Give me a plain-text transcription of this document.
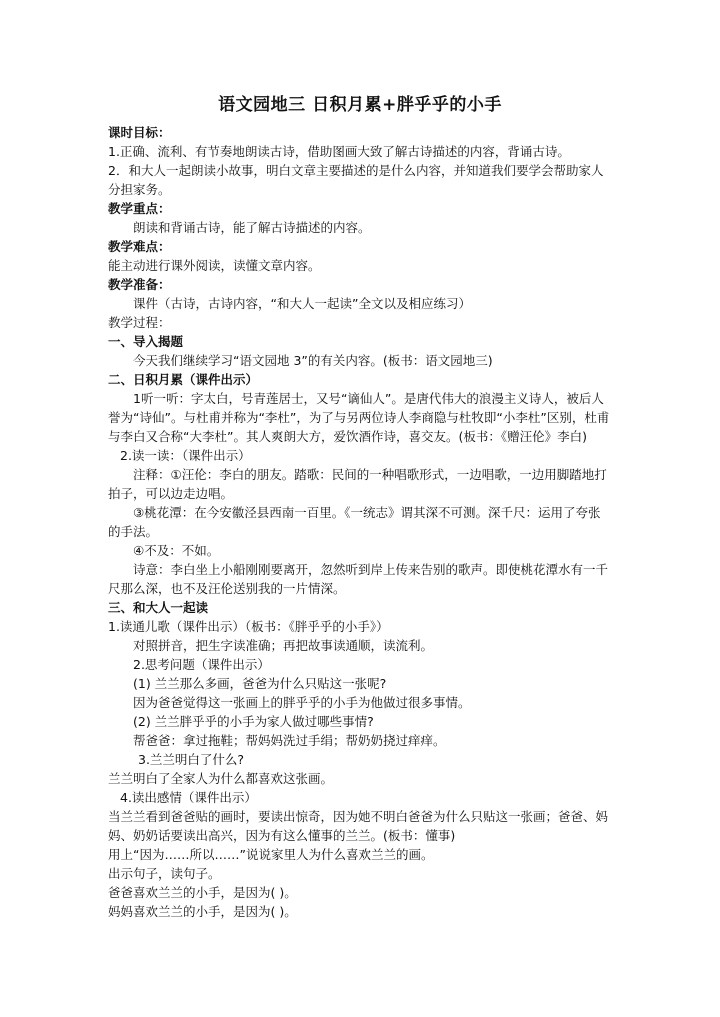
语文园地三 日积月累+胖乎乎的小手
课时目标：
1.正确、流利、有节奏地朗读古诗，借助图画大致了解古诗描述的内容，背诵古诗。
2．和大人一起朗读小故事，明白文章主要描述的是什么内容，并知道我们要学会帮助家人
分担家务。
教学重点：
朗读和背诵古诗，能了解古诗描述的内容。
教学难点：
能主动进行课外阅读，读懂文章内容。
教学准备：
课件（古诗，古诗内容，“和大人一起读”全文以及相应练习）
教学过程：
一、导入揭题
今天我们继续学习“语文园地 3”的有关内容。(板书：语文园地三)
二、日积月累（课件出示）
1听一听：字太白，号青莲居士，又号“谪仙人”。是唐代伟大的浪漫主义诗人，被后人
誉为“诗仙”。与杜甫并称为“李杜”，为了与另两位诗人李商隐与杜牧即“小李杜”区别，杜甫
与李白又合称“大李杜”。其人爽朗大方，爱饮酒作诗，喜交友。(板书：《赠汪伦》李白)
2.读一读：（课件出示）
注释：①汪伦：李白的朋友。踏歌：民间的一种唱歌形式，一边唱歌，一边用脚踏地打
拍子，可以边走边唱。
③桃花潭：在今安徽泾县西南一百里。《一统志》谓其深不可测。深千尺：运用了夸张
的手法。
④不及：不如。
诗意：李白坐上小船刚刚要离开，忽然听到岸上传来告别的歌声。即使桃花潭水有一千
尺那么深，也不及汪伦送别我的一片情深。
三、和大人一起读
1.读通儿歌（课件出示）（板书：《胖乎乎的小手》）
对照拼音，把生字读准确；再把故事读通顺，读流利。
2.思考问题（课件出示）
(1) 兰兰那么多画，爸爸为什么只贴这一张呢?
因为爸爸觉得这一张画上的胖乎乎的小手为他做过很多事情。
(2) 兰兰胖乎乎的小手为家人做过哪些事情?
帮爸爸：拿过拖鞋；帮妈妈洗过手绢；帮奶奶挠过痒痒。
3.兰兰明白了什么?
兰兰明白了全家人为什么都喜欢这张画。
4.读出感情（课件出示）
当兰兰看到爸爸贴的画时，要读出惊奇，因为她不明白爸爸为什么只贴这一张画；爸爸、妈
妈、奶奶话要读出高兴，因为有这么懂事的兰兰。(板书：懂事)
用上“因为……所以……”说说家里人为什么喜欢兰兰的画。
出示句子，读句子。
爸爸喜欢兰兰的小手，是因为( )。
妈妈喜欢兰兰的小手，是因为( )。
